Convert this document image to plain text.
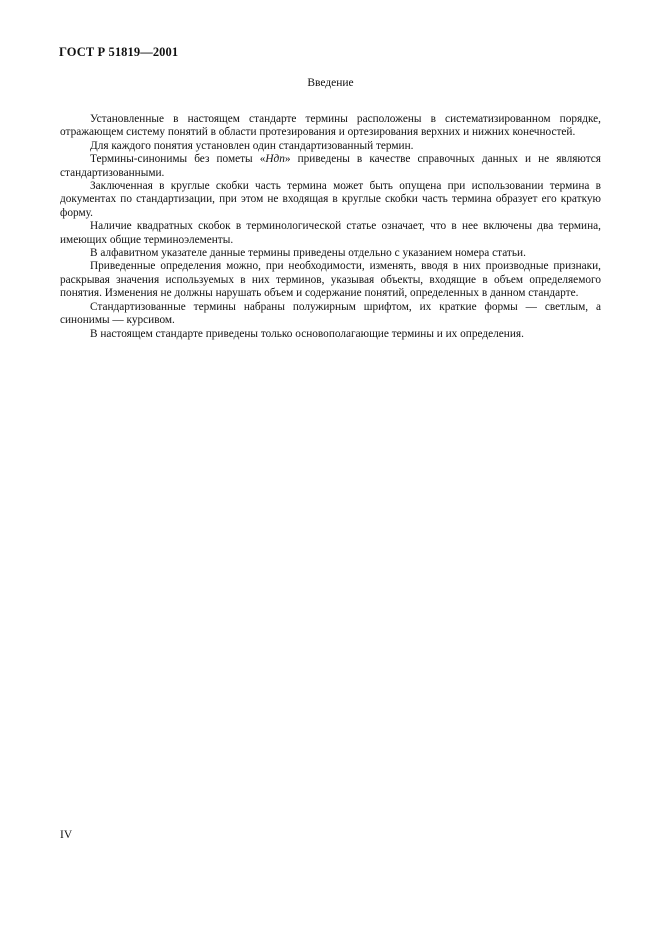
ГОСТ Р 51819—2001
Введение

Установленные в настоящем стандарте термины расположены в систематизированном порядке, отражающем систему понятий в области протезирования и ортезирования верхних и нижних конечностей.

Для каждого понятия установлен один стандартизованный термин.

Термины-синонимы без пометы «Ндп» приведены в качестве справочных данных и не являются стандартизованными.

Заключенная в круглые скобки часть термина может быть опущена при использовании термина в документах по стандартизации, при этом не входящая в круглые скобки часть термина образует его краткую форму.

Наличие квадратных скобок в терминологической статье означает, что в нее включены два термина, имеющих общие терминоэлементы.

В алфавитном указателе данные термины приведены отдельно с указанием номера статьи.

Приведенные определения можно, при необходимости, изменять, вводя в них производные признаки, раскрывая значения используемых в них терминов, указывая объекты, входящие в объем определяемого понятия. Изменения не должны нарушать объем и содержание понятий, определенных в данном стандарте.

Стандартизованные термины набраны полужирным шрифтом, их краткие формы — светлым, а синонимы — курсивом.

В настоящем стандарте приведены только основополагающие термины и их определения.

IV
